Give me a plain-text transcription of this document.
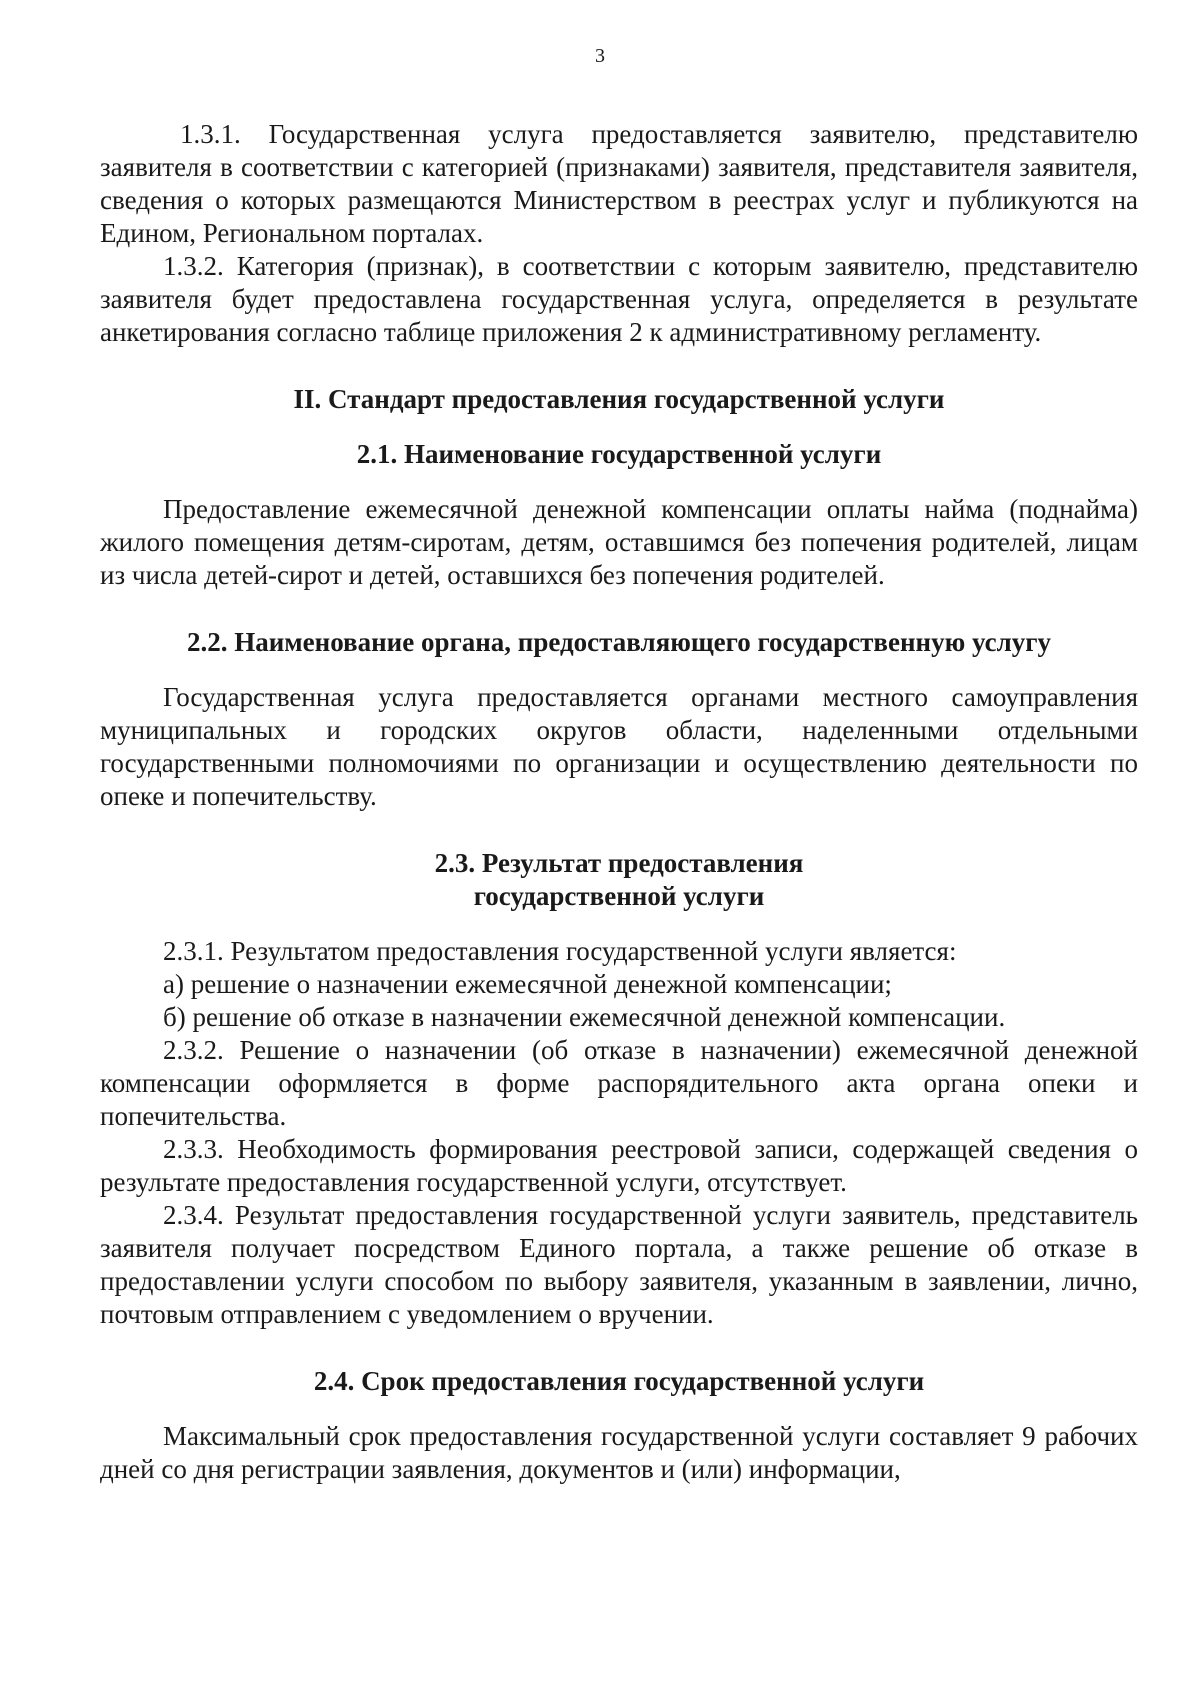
3

1.3.1. Государственная услуга предоставляется заявителю, представителю заявителя в соответствии с категорией (признаками) заявителя, представителя заявителя, сведения о которых размещаются Министерством в реестрах услуг и публикуются на Едином, Региональном порталах.

1.3.2. Категория (признак), в соответствии с которым заявителю, представителю заявителя будет предоставлена государственная услуга, определяется в результате анкетирования согласно таблице приложения 2 к административному регламенту.

II. Стандарт предоставления государственной услуги

2.1. Наименование государственной услуги

Предоставление ежемесячной денежной компенсации оплаты найма (поднайма) жилого помещения детям-сиротам, детям, оставшимся без попечения родителей, лицам из числа детей-сирот и детей, оставшихся без попечения родителей.

2.2. Наименование органа, предоставляющего государственную услугу

Государственная услуга предоставляется органами местного самоуправления муниципальных и городских округов области, наделенными отдельными государственными полномочиями по организации и осуществлению деятельности по опеке и попечительству.

2.3. Результат предоставления
государственной услуги

2.3.1. Результатом предоставления государственной услуги является:

а) решение о назначении ежемесячной денежной компенсации;

б) решение об отказе в назначении ежемесячной денежной компенсации.

2.3.2. Решение о назначении (об отказе в назначении) ежемесячной денежной компенсации оформляется в форме распорядительного акта органа опеки и попечительства.

2.3.3. Необходимость формирования реестровой записи, содержащей сведения о результате предоставления государственной услуги, отсутствует.

2.3.4. Результат предоставления государственной услуги заявитель, представитель заявителя получает посредством Единого портала, а также решение об отказе в предоставлении услуги способом по выбору заявителя, указанным в заявлении, лично, почтовым отправлением с уведомлением о вручении.

2.4. Срок предоставления государственной услуги

Максимальный срок предоставления государственной услуги составляет 9 рабочих дней со дня регистрации заявления, документов и (или) информации,
